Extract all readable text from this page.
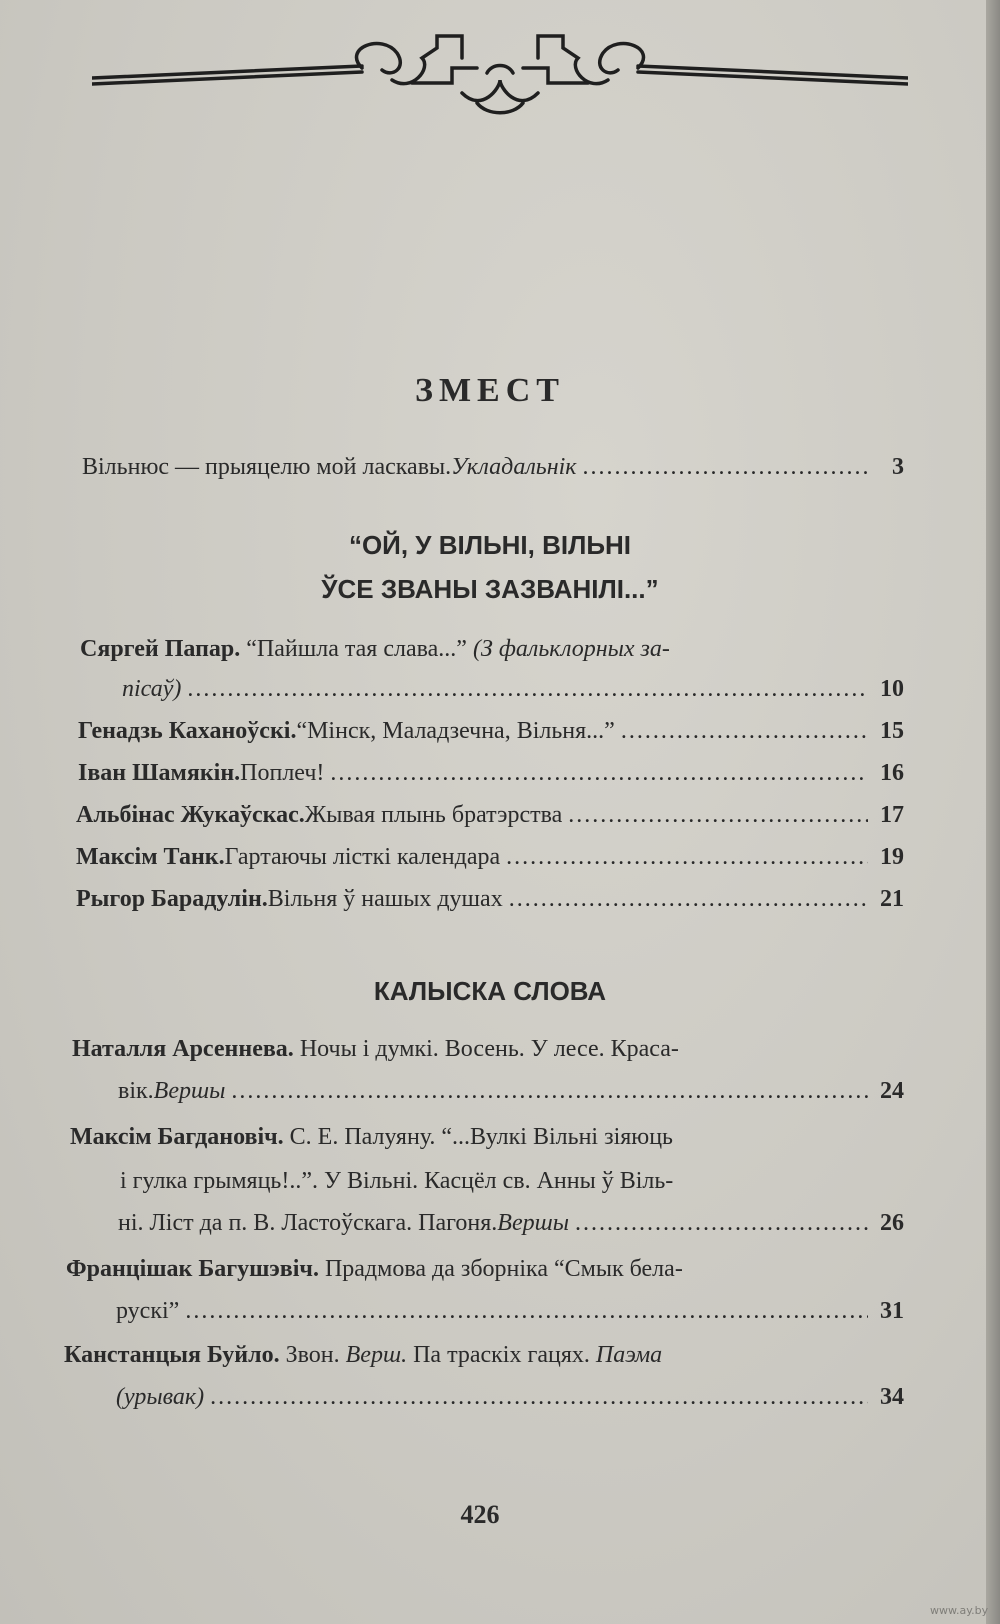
ЗМЕСТ
Вільнюс — прыяцелю мой ласкавы. Укладальнік .....	3
“ОЙ, У ВІЛЬНІ, ВІЛЬНІ
ЎСЕ ЗВАНЫ ЗАЗВАНІЛІ...”
Сяргей Папар. “Пайшла тая слава...” (З фальклорных за-
пісаў) .....	10
Генадзь Каханоўскі. “Мінск, Маладзечна, Вільня...” .....	15
Іван Шамякін. Поплеч! .....	16
Альбінас Жукаўскас. Жывая плынь братэрства .....	17
Максім Танк. Гартаючы лісткі календара .....	19
Рыгор Барадулін. Вільня ў нашых душах .....	21
КАЛЫСКА СЛОВА
Наталля Арсеннева. Ночы і думкі. Восень. У лесе. Краса-
вік. Вершы .....	24
Максім Багдановіч. С. Е. Палуяну. “...Вулкі Вільні зіяюць
і гулка грымяць!..”. У Вільні. Касцёл св. Анны ў Віль-
ні. Ліст да п. В. Ластоўскага. Пагоня. Вершы .....	26
Францішак Багушэвіч. Прадмова да зборніка “Смык бела-
рускі” .....	31
Канстанцыя Буйло. Звон. Верш. Па траскіх гацях. Паэма
(урывак) .....	34
426
www.ay.by
